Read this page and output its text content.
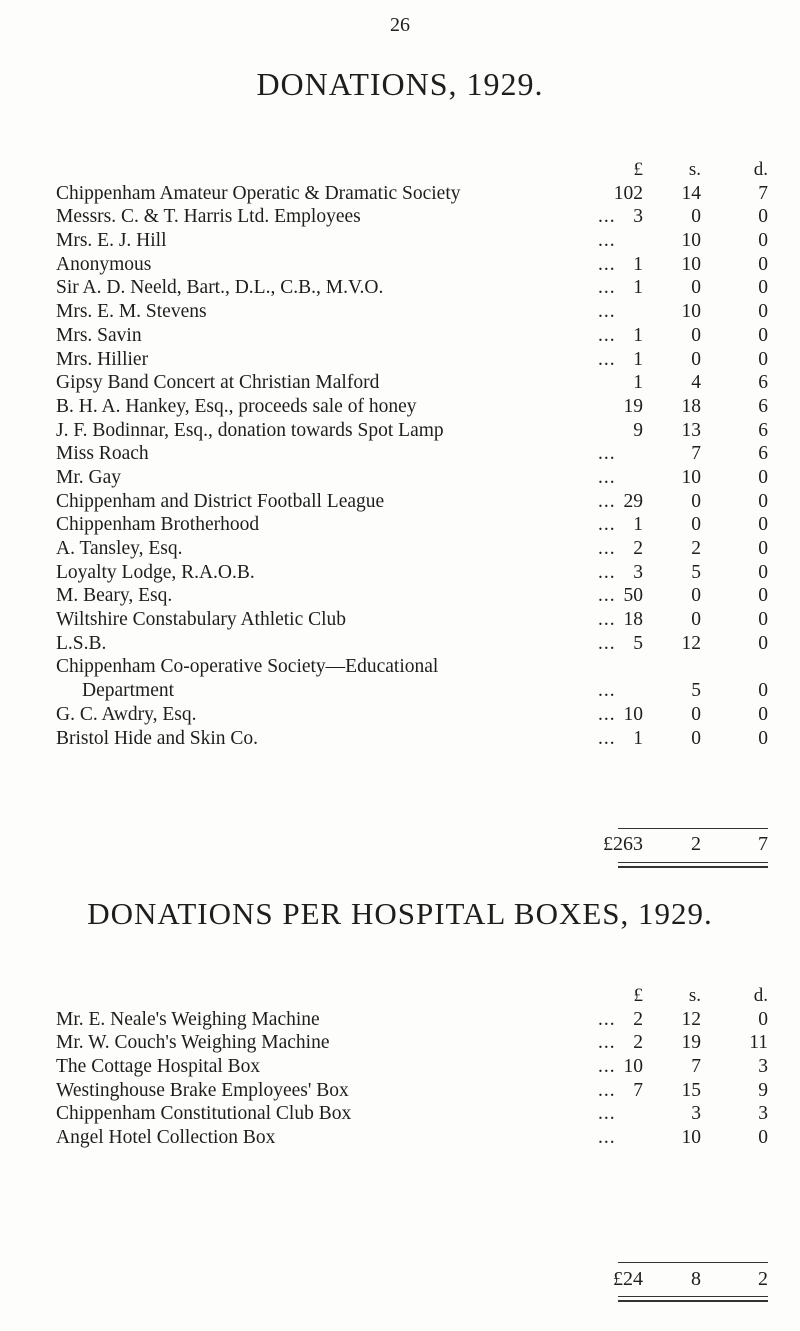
26
DONATIONS, 1929.
£	s.	d.
Chippenham Amateur Operatic & Dramatic Society	102	14	7
Messrs. C. & T. Harris Ltd. Employees	... 3	0	0
Mrs. E. J. Hill	...	10	0
Anonymous	... 1	10	0
Sir A. D. Neeld, Bart., D.L., C.B., M.V.O.	... 1	0	0
Mrs. E. M. Stevens	...	10	0
Mrs. Savin	... 1	0	0
Mrs. Hillier	... 1	0	0
Gipsy Band Concert at Christian Malford	1	4	6
B. H. A. Hankey, Esq., proceeds sale of honey	19	18	6
J. F. Bodinnar, Esq., donation towards Spot Lamp	9	13	6
Miss Roach	...	7	6
Mr. Gay	...	10	0
Chippenham and District Football League	... 29	0	0
Chippenham Brotherhood	... 1	0	0
A. Tansley, Esq.	... 2	2	0
Loyalty Lodge, R.A.O.B.	... 3	5	0
M. Beary, Esq.	... 50	0	0
Wiltshire Constabulary Athletic Club	... 18	0	0
L.S.B.	... 5	12	0
Chippenham Co-operative Society—Educational
Department	...	5	0
G. C. Awdry, Esq.	... 10	0	0
Bristol Hide and Skin Co.	... 1	0	0
£263	2	7
DONATIONS PER HOSPITAL BOXES, 1929.
£	s.	d.
Mr. E. Neale's Weighing Machine	... 2	12	0
Mr. W. Couch's Weighing Machine	... 2	19	11
The Cottage Hospital Box	... 10	7	3
Westinghouse Brake Employees' Box	... 7	15	9
Chippenham Constitutional Club Box	...	3	3
Angel Hotel Collection Box	...	10	0
£24	8	2
